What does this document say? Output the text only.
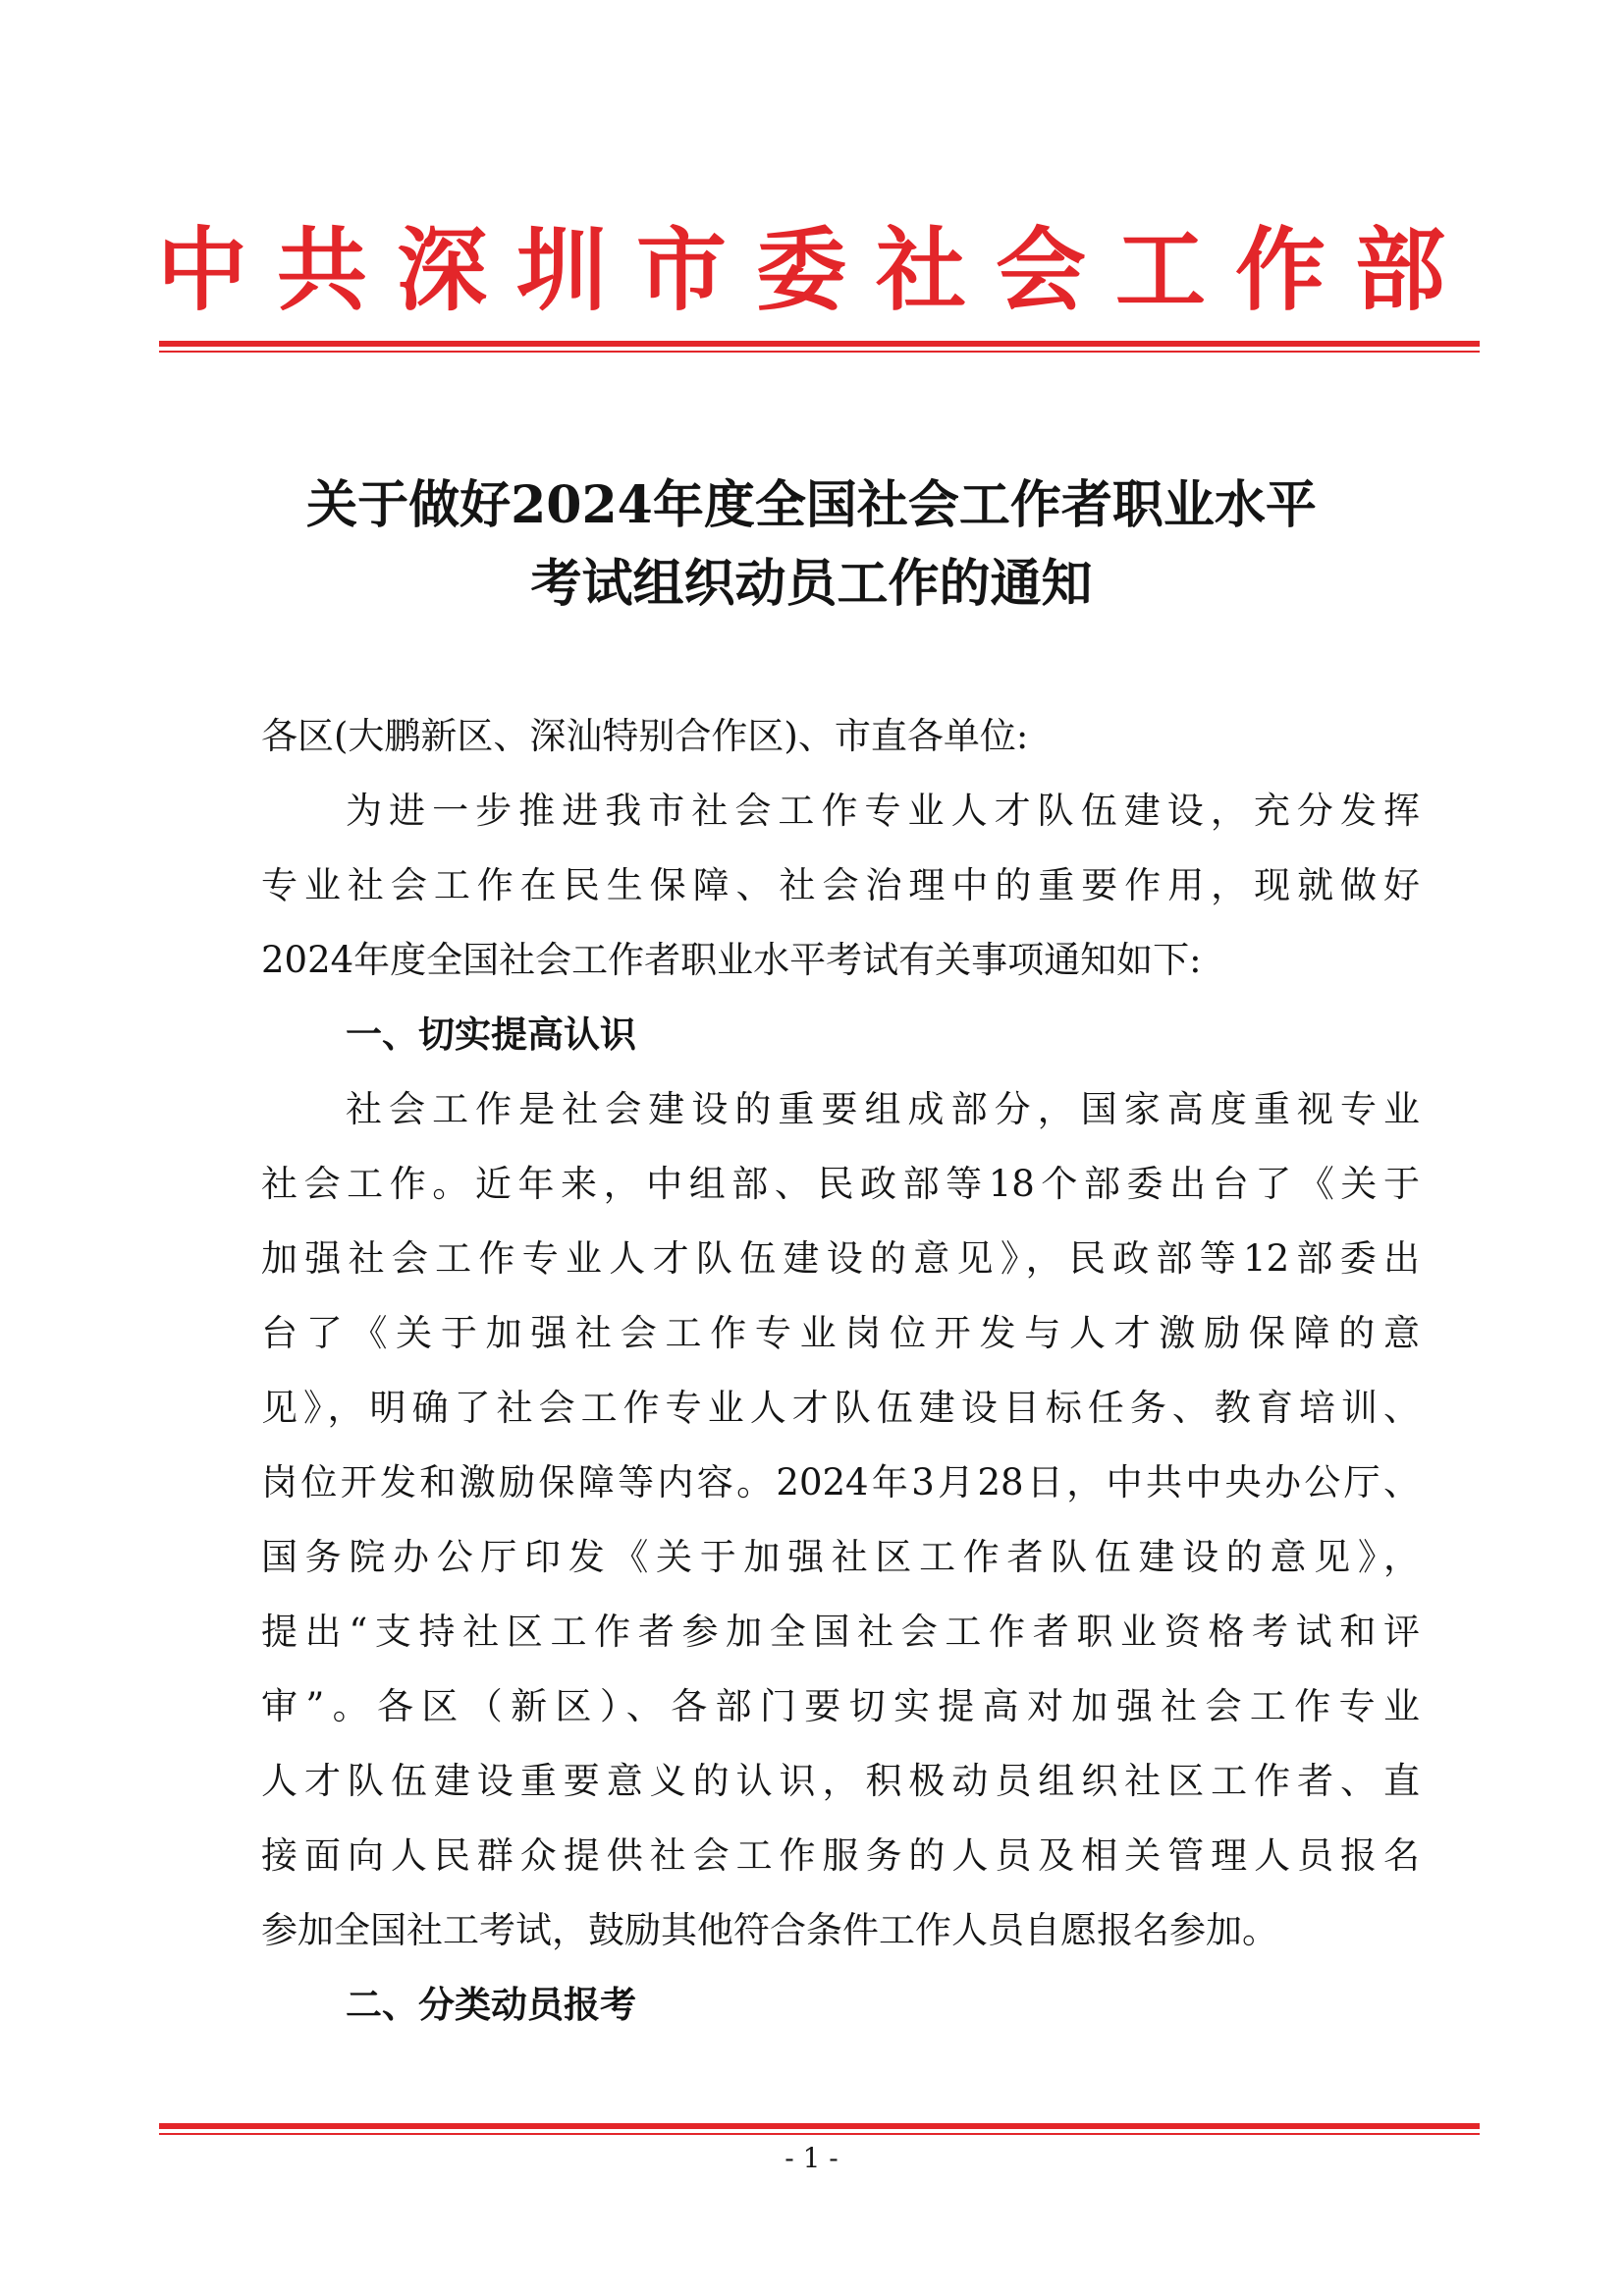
中共深圳市委社会工作部
关于做好2024年度全国社会工作者职业水平
考试组织动员工作的通知

各区(大鹏新区、深汕特别合作区)、市直各单位:

为进一步推进我市社会工作专业人才队伍建设，充分发挥

专业社会工作在民生保障、社会治理中的重要作用，现就做好

2024年度全国社会工作者职业水平考试有关事项通知如下:

一、切实提高认识

社会工作是社会建设的重要组成部分，国家高度重视专业

社会工作。近年来，中组部、民政部等18个部委出台了《关于

加强社会工作专业人才队伍建设的意见》，民政部等12部委出

台了《关于加强社会工作专业岗位开发与人才激励保障的意

见》，明确了社会工作专业人才队伍建设目标任务、教育培训、

岗位开发和激励保障等内容。2024年3月28日，中共中央办公厅、

国务院办公厅印发《关于加强社区工作者队伍建设的意见》，

提出“支持社区工作者参加全国社会工作者职业资格考试和评

审”。各区（新区）、各部门要切实提高对加强社会工作专业

人才队伍建设重要意义的认识，积极动员组织社区工作者、直

接面向人民群众提供社会工作服务的人员及相关管理人员报名

参加全国社工考试，鼓励其他符合条件工作人员自愿报名参加。

二、分类动员报考

- 1 -
